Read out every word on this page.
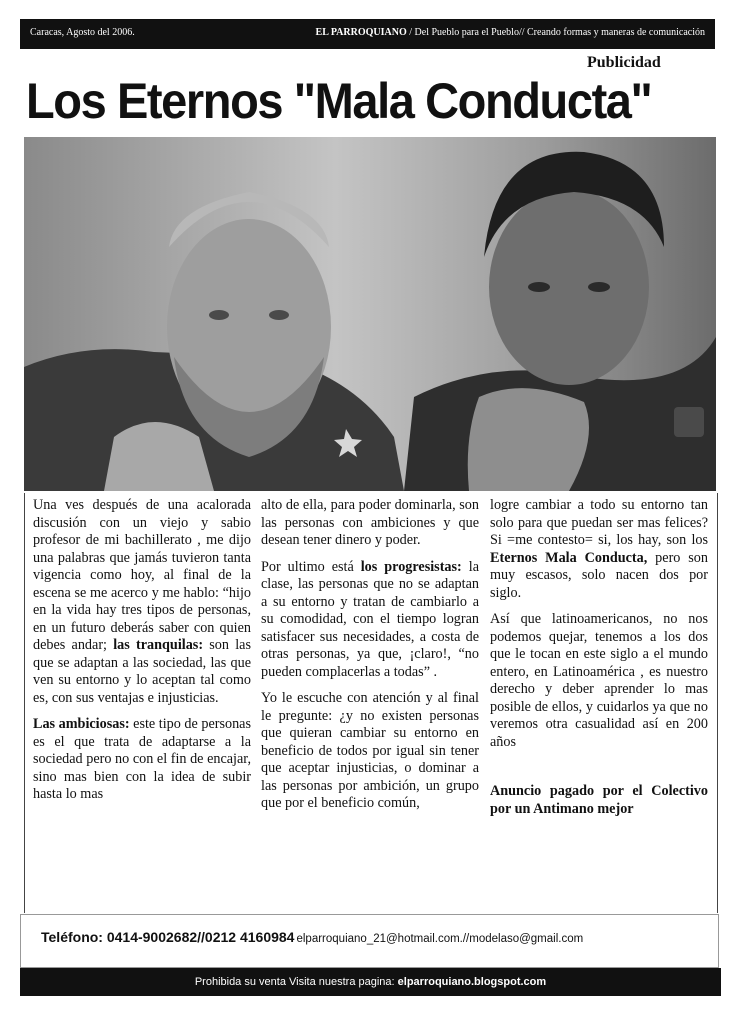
Caracas, Agosto del 2006.	EL PARROQUIANO / Del Pueblo para el Pueblo// Creando formas y maneras de comunicación
Publicidad
Los Eternos "Mala Conducta"

Una ves después de una acalorada discusión con un viejo y sabio profesor de mi bachillerato , me dijo una palabras que jamás tuvieron tanta vigencia como hoy, al final de la escena se me acerco y me hablo: “hijo en la vida hay tres tipos de personas, en un futuro deberás saber con quien debes andar; las tranquilas: son las que se adaptan a las sociedad, las que ven su entorno y lo aceptan tal como es, con sus ventajas e injusticias.

Las ambiciosas: este tipo de personas es el que trata de adaptarse a la sociedad pero no con el fin de encajar, sino mas bien con la idea de subir hasta lo mas

alto de ella, para poder dominarla, son las personas con ambiciones y que desean tener dinero y poder.

Por ultimo está los progresistas: la clase, las personas que no se adaptan a su entorno y tratan de cambiarlo a su comodidad, con el tiempo logran satisfacer sus necesidades, a costa de otras personas, ya que, ¡claro!, “no pueden complacerlas a todas” .

Yo le escuche con atención y al final le pregunte: ¿y no existen personas que quieran cambiar su entorno en beneficio de todos por igual sin tener que aceptar injusticias, o dominar a las personas por ambición, un grupo que por el beneficio común,

logre cambiar a todo su entorno tan solo para que puedan ser mas felices? Si =me contesto= si, los hay, son los Eternos Mala Conducta, pero son muy escasos, solo nacen dos por siglo.

Así que latinoamericanos, no nos podemos quejar, tenemos a los dos que le tocan en este siglo a el mundo entero, en Latinoamérica , es nuestro derecho y deber aprender lo mas posible de ellos, y cuidarlos ya que no veremos otra casualidad así en 200 años

Anuncio pagado por el Colectivo por un Antimano mejor

Teléfono: 0414-9002682//0212 4160984 elparroquiano_21@hotmail.com.//modelaso@gmail.com
Prohibida su venta Visita nuestra pagina: elparroquiano.blogspot.com
